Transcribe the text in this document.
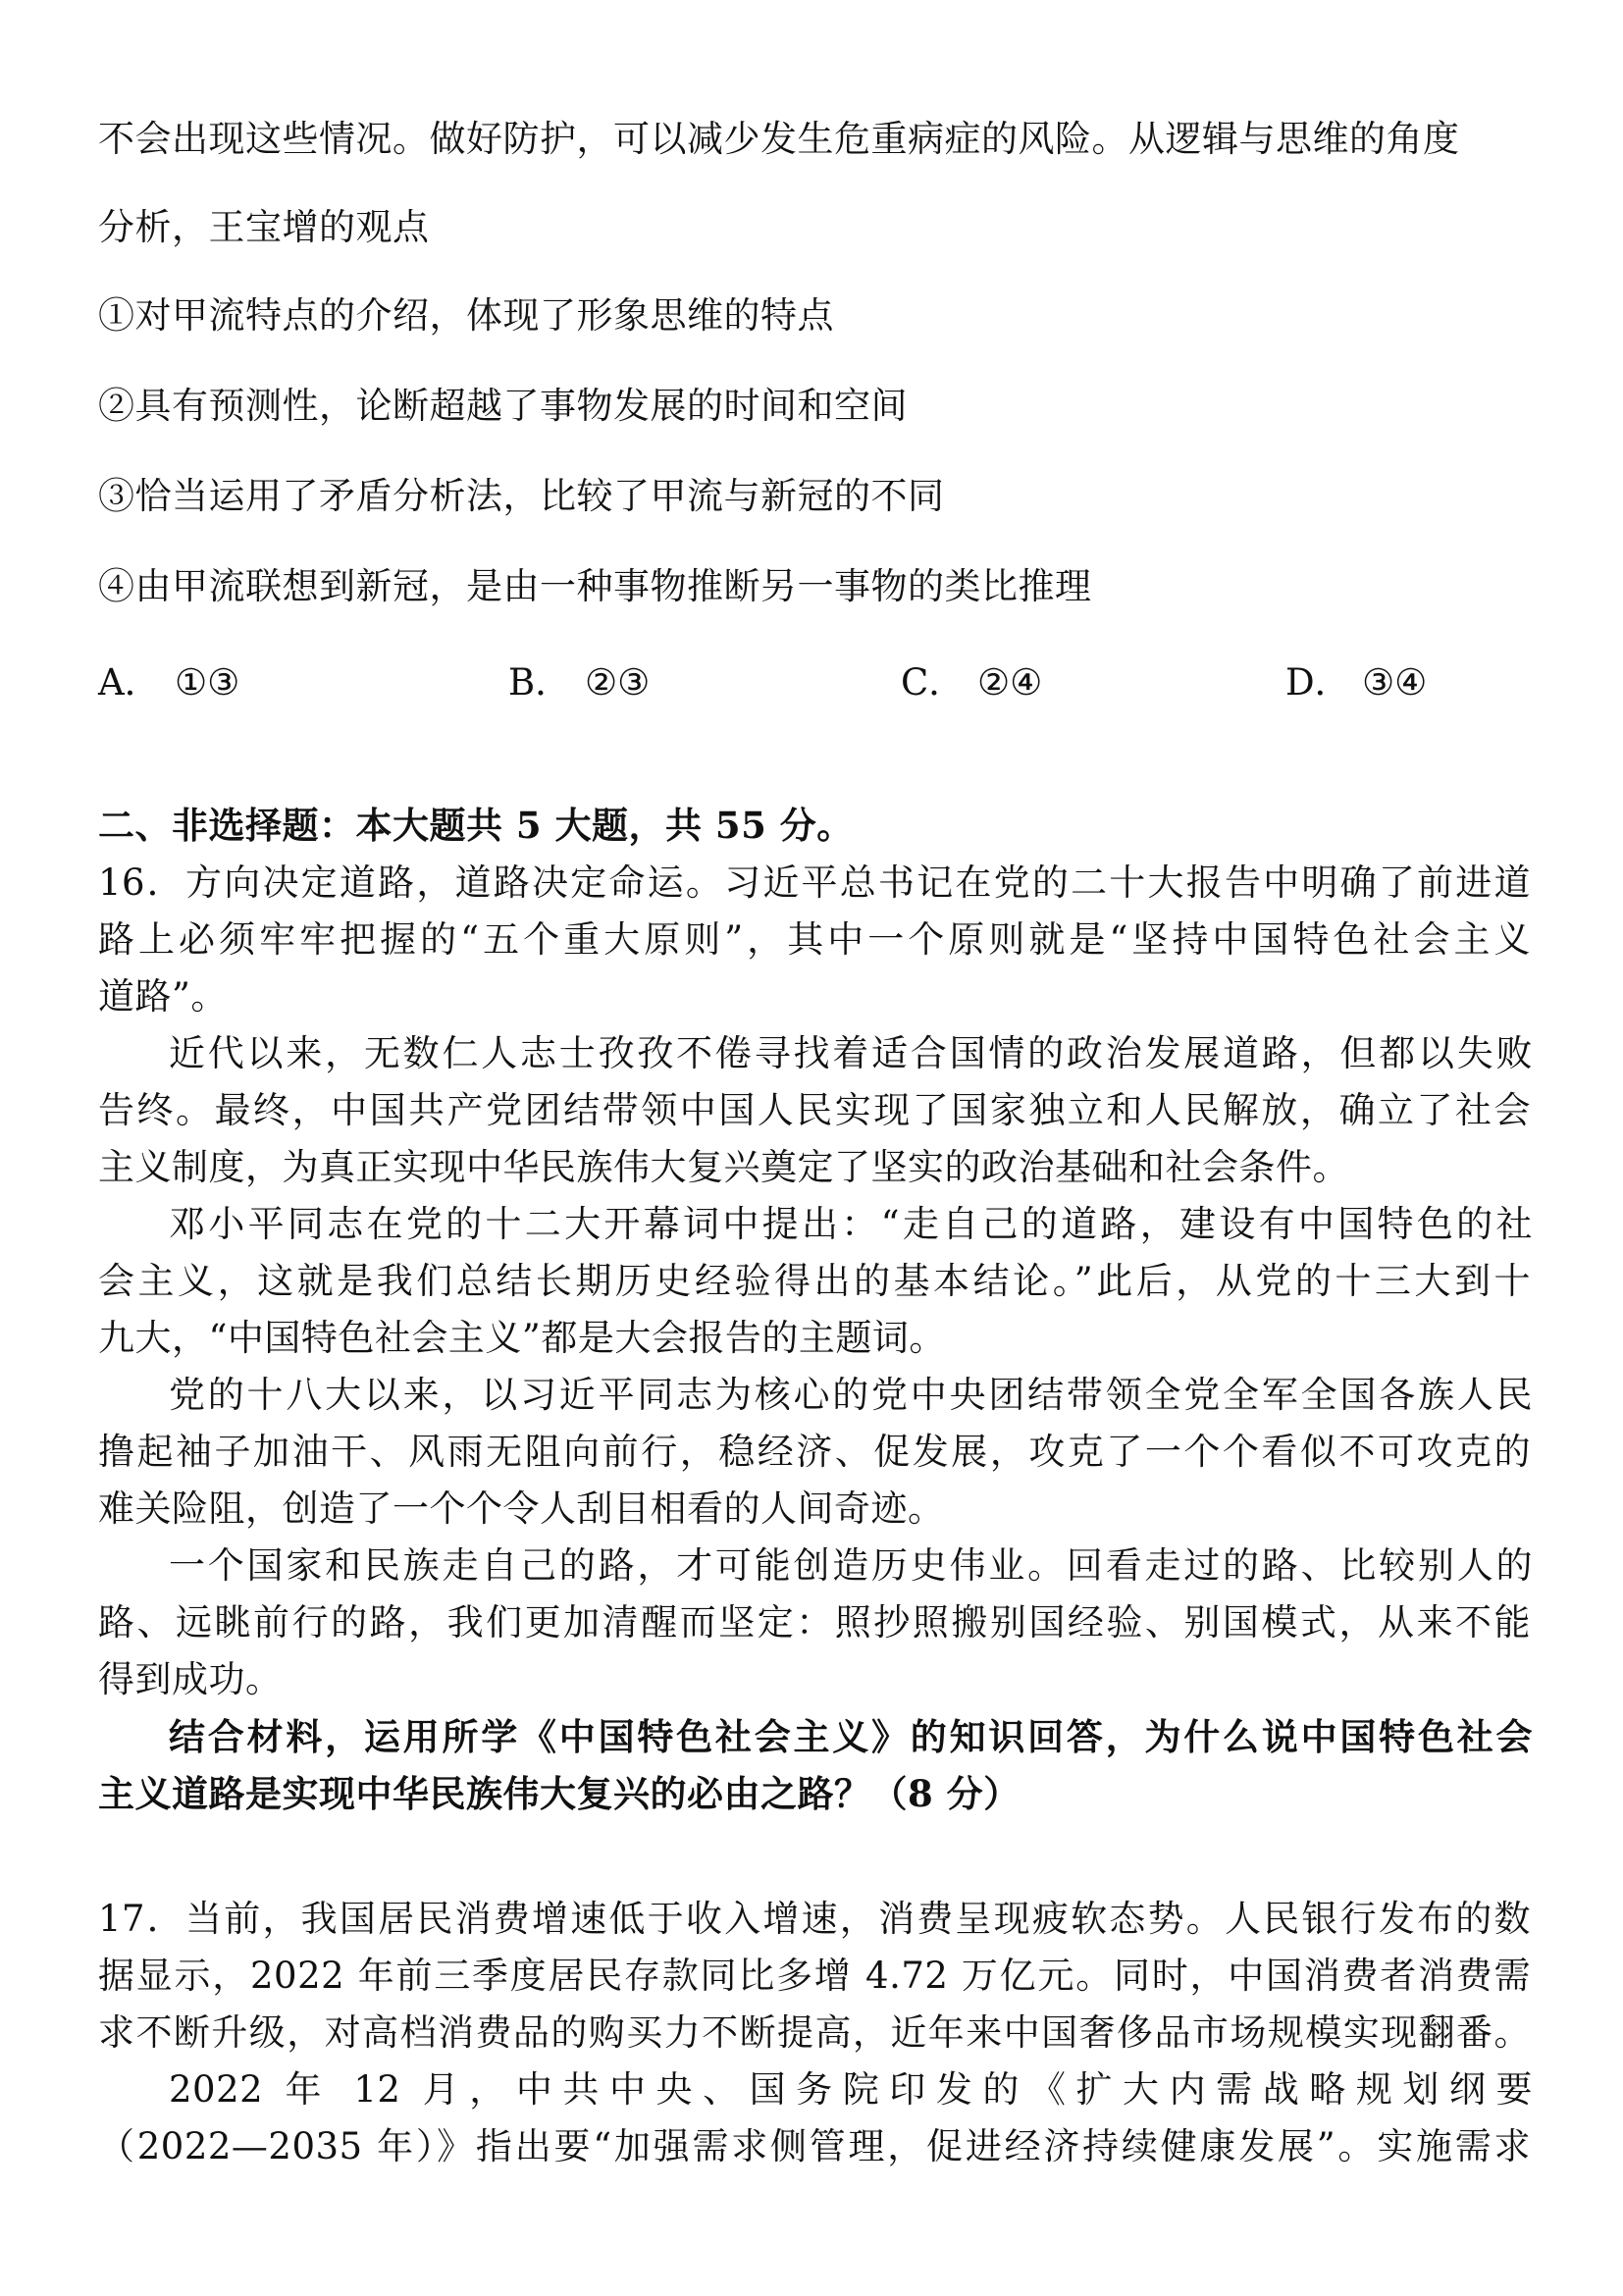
不会出现这些情况。做好防护，可以减少发生危重病症的风险。从逻辑与思维的角度
分析，王宝增的观点
①对甲流特点的介绍，体现了形象思维的特点
②具有预测性，论断超越了事物发展的时间和空间
③恰当运用了矛盾分析法，比较了甲流与新冠的不同
④由甲流联想到新冠，是由一种事物推断另一事物的类比推理
A． ①③	B． ②③	C． ②④	D． ③④
二、非选择题：本大题共 5 大题，共 55 分。
16．方向决定道路，道路决定命运。习近平总书记在党的二十大报告中明确了前进道
路上必须牢牢把握的“五个重大原则”，其中一个原则就是“坚持中国特色社会主义
道路”。
近代以来，无数仁人志士孜孜不倦寻找着适合国情的政治发展道路，但都以失败
告终。最终，中国共产党团结带领中国人民实现了国家独立和人民解放，确立了社会
主义制度，为真正实现中华民族伟大复兴奠定了坚实的政治基础和社会条件。
邓小平同志在党的十二大开幕词中提出：“走自己的道路，建设有中国特色的社
会主义，这就是我们总结长期历史经验得出的基本结论。”此后，从党的十三大到十
九大，“中国特色社会主义”都是大会报告的主题词。
党的十八大以来，以习近平同志为核心的党中央团结带领全党全军全国各族人民
撸起袖子加油干、风雨无阻向前行，稳经济、促发展，攻克了一个个看似不可攻克的
难关险阻，创造了一个个令人刮目相看的人间奇迹。
一个国家和民族走自己的路，才可能创造历史伟业。回看走过的路、比较别人的
路、远眺前行的路，我们更加清醒而坚定：照抄照搬别国经验、别国模式，从来不能
得到成功。
结合材料，运用所学《中国特色社会主义》的知识回答，为什么说中国特色社会
主义道路是实现中华民族伟大复兴的必由之路？（8 分）
17．当前，我国居民消费增速低于收入增速，消费呈现疲软态势。人民银行发布的数
据显示，2022 年前三季度居民存款同比多增 4.72 万亿元。同时，中国消费者消费需
求不断升级，对高档消费品的购买力不断提高，近年来中国奢侈品市场规模实现翻番。
2022 年 12 月，中共中央、国务院印发的《扩大内需战略规划纲要
（2022—2035 年）》指出要“加强需求侧管理，促进经济持续健康发展”。实施需求
